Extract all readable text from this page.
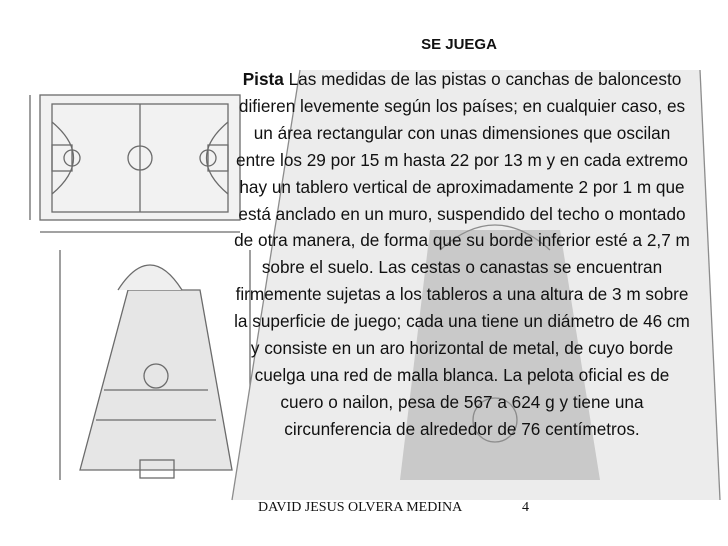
SE JUEGA
Pista Las medidas de las pistas o canchas de baloncesto difieren levemente según los países; en cualquier caso, es un área rectangular con unas dimensiones que oscilan entre los 29 por 15 m hasta 22 por 13 m y en cada extremo hay un tablero vertical de aproximadamente 2 por 1 m que está anclado en un muro, suspendido del techo o montado de otra manera, de forma que su borde inferior esté a 2,7 m sobre el suelo. Las cestas o canastas se encuentran firmemente sujetas a los tableros a una altura de 3 m sobre la superficie de juego; cada una tiene un diámetro de 46 cm y consiste en un aro horizontal de metal, de cuyo borde cuelga una red de malla blanca. La pelota oficial es de cuero o nailon, pesa de 567 a 624 g y tiene una circunferencia de alrededor de 76 centímetros.
DAVID JESUS OLVERA MEDINA	4
